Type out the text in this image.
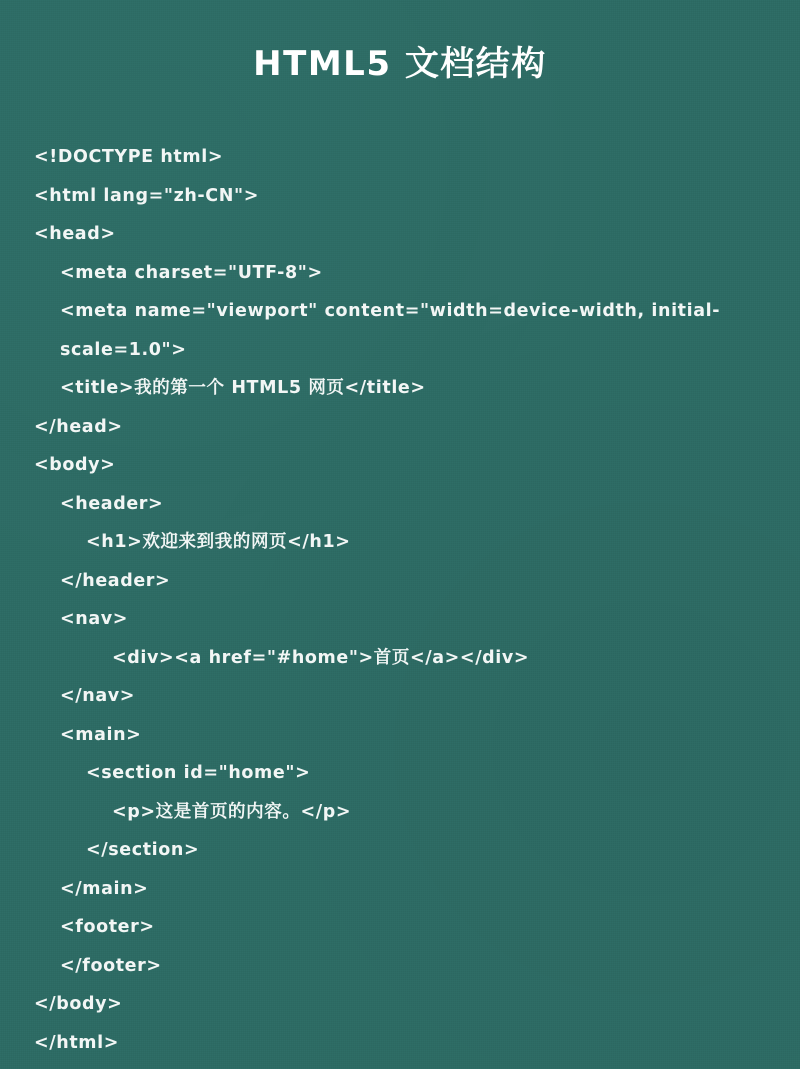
HTML5 文档结构
<!DOCTYPE html>
<html lang="zh-CN">
<head>
<meta charset="UTF-8">
<meta name="viewport" content="width=device-width, initial-scale=1.0">
<title>我的第一个 HTML5 网页</title>
</head>
<body>
<header>
<h1>欢迎来到我的网页</h1>
</header>
<nav>
<div><a href="#home">首页</a></div>
</nav>
<main>
<section id="home">
<p>这是首页的内容。</p>
</section>
</main>
<footer>
</footer>
</body>
</html>
